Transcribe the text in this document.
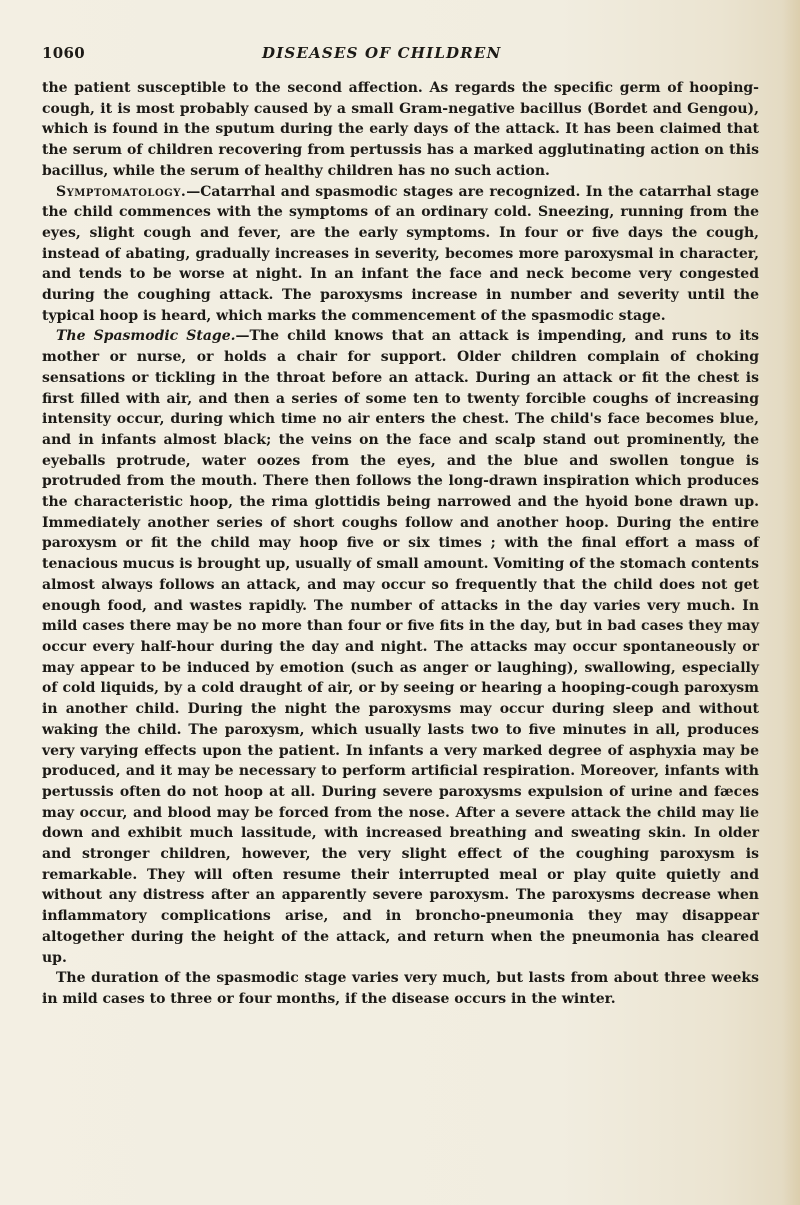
1060	DISEASES OF CHILDREN

the patient susceptible to the second affection. As regards the specific germ of hooping-cough, it is most probably caused by a small Gram-negative bacillus (Bordet and Gengou), which is found in the sputum during the early days of the attack. It has been claimed that the serum of children recovering from pertussis has a marked agglutinating action on this bacillus, while the serum of healthy children has no such action.

Symptomatology.—Catarrhal and spasmodic stages are recognized. In the catarrhal stage the child commences with the symptoms of an ordinary cold. Sneezing, running from the eyes, slight cough and fever, are the early symptoms. In four or five days the cough, instead of abating, gradually increases in severity, becomes more paroxysmal in character, and tends to be worse at night. In an infant the face and neck become very congested during the coughing attack. The paroxysms increase in number and severity until the typical hoop is heard, which marks the commencement of the spasmodic stage.

The Spasmodic Stage.—The child knows that an attack is impending, and runs to its mother or nurse, or holds a chair for support. Older children complain of choking sensations or tickling in the throat before an attack. During an attack or fit the chest is first filled with air, and then a series of some ten to twenty forcible coughs of increasing intensity occur, during which time no air enters the chest. The child's face becomes blue, and in infants almost black; the veins on the face and scalp stand out prominently, the eyeballs protrude, water oozes from the eyes, and the blue and swollen tongue is protruded from the mouth. There then follows the long-drawn inspiration which produces the characteristic hoop, the rima glottidis being narrowed and the hyoid bone drawn up. Immediately another series of short coughs follow and another hoop. During the entire paroxysm or fit the child may hoop five or six times ; with the final effort a mass of tenacious mucus is brought up, usually of small amount. Vomiting of the stomach contents almost always follows an attack, and may occur so frequently that the child does not get enough food, and wastes rapidly. The number of attacks in the day varies very much. In mild cases there may be no more than four or five fits in the day, but in bad cases they may occur every half-hour during the day and night. The attacks may occur spontaneously or may appear to be induced by emotion (such as anger or laughing), swallowing, especially of cold liquids, by a cold draught of air, or by seeing or hearing a hooping-cough paroxysm in another child. During the night the paroxysms may occur during sleep and without waking the child. The paroxysm, which usually lasts two to five minutes in all, produces very varying effects upon the patient. In infants a very marked degree of asphyxia may be produced, and it may be necessary to perform artificial respiration. Moreover, infants with pertussis often do not hoop at all. During severe paroxysms expulsion of urine and fæces may occur, and blood may be forced from the nose. After a severe attack the child may lie down and exhibit much lassitude, with increased breathing and sweating skin. In older and stronger children, however, the very slight effect of the coughing paroxysm is remarkable. They will often resume their interrupted meal or play quite quietly and without any distress after an apparently severe paroxysm. The paroxysms decrease when inflammatory complications arise, and in broncho-pneumonia they may disappear altogether during the height of the attack, and return when the pneumonia has cleared up.

The duration of the spasmodic stage varies very much, but lasts from about three weeks in mild cases to three or four months, if the disease occurs in the winter.
